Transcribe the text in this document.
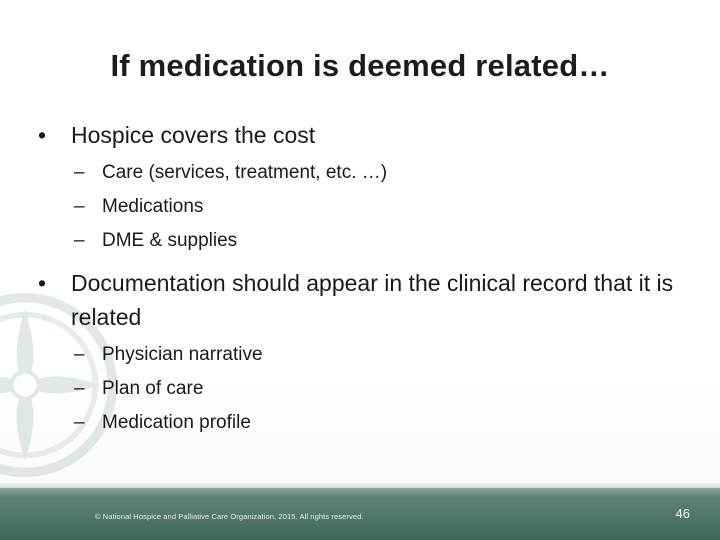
If medication is deemed related…
•	Hospice covers the cost
– Care (services, treatment, etc. …)
– Medications
– DME & supplies
•	Documentation should appear in the clinical record that it is related
– Physician narrative
– Plan of care
– Medication profile
© National Hospice and Palliative Care Organization, 2015. All rights reserved.	46
